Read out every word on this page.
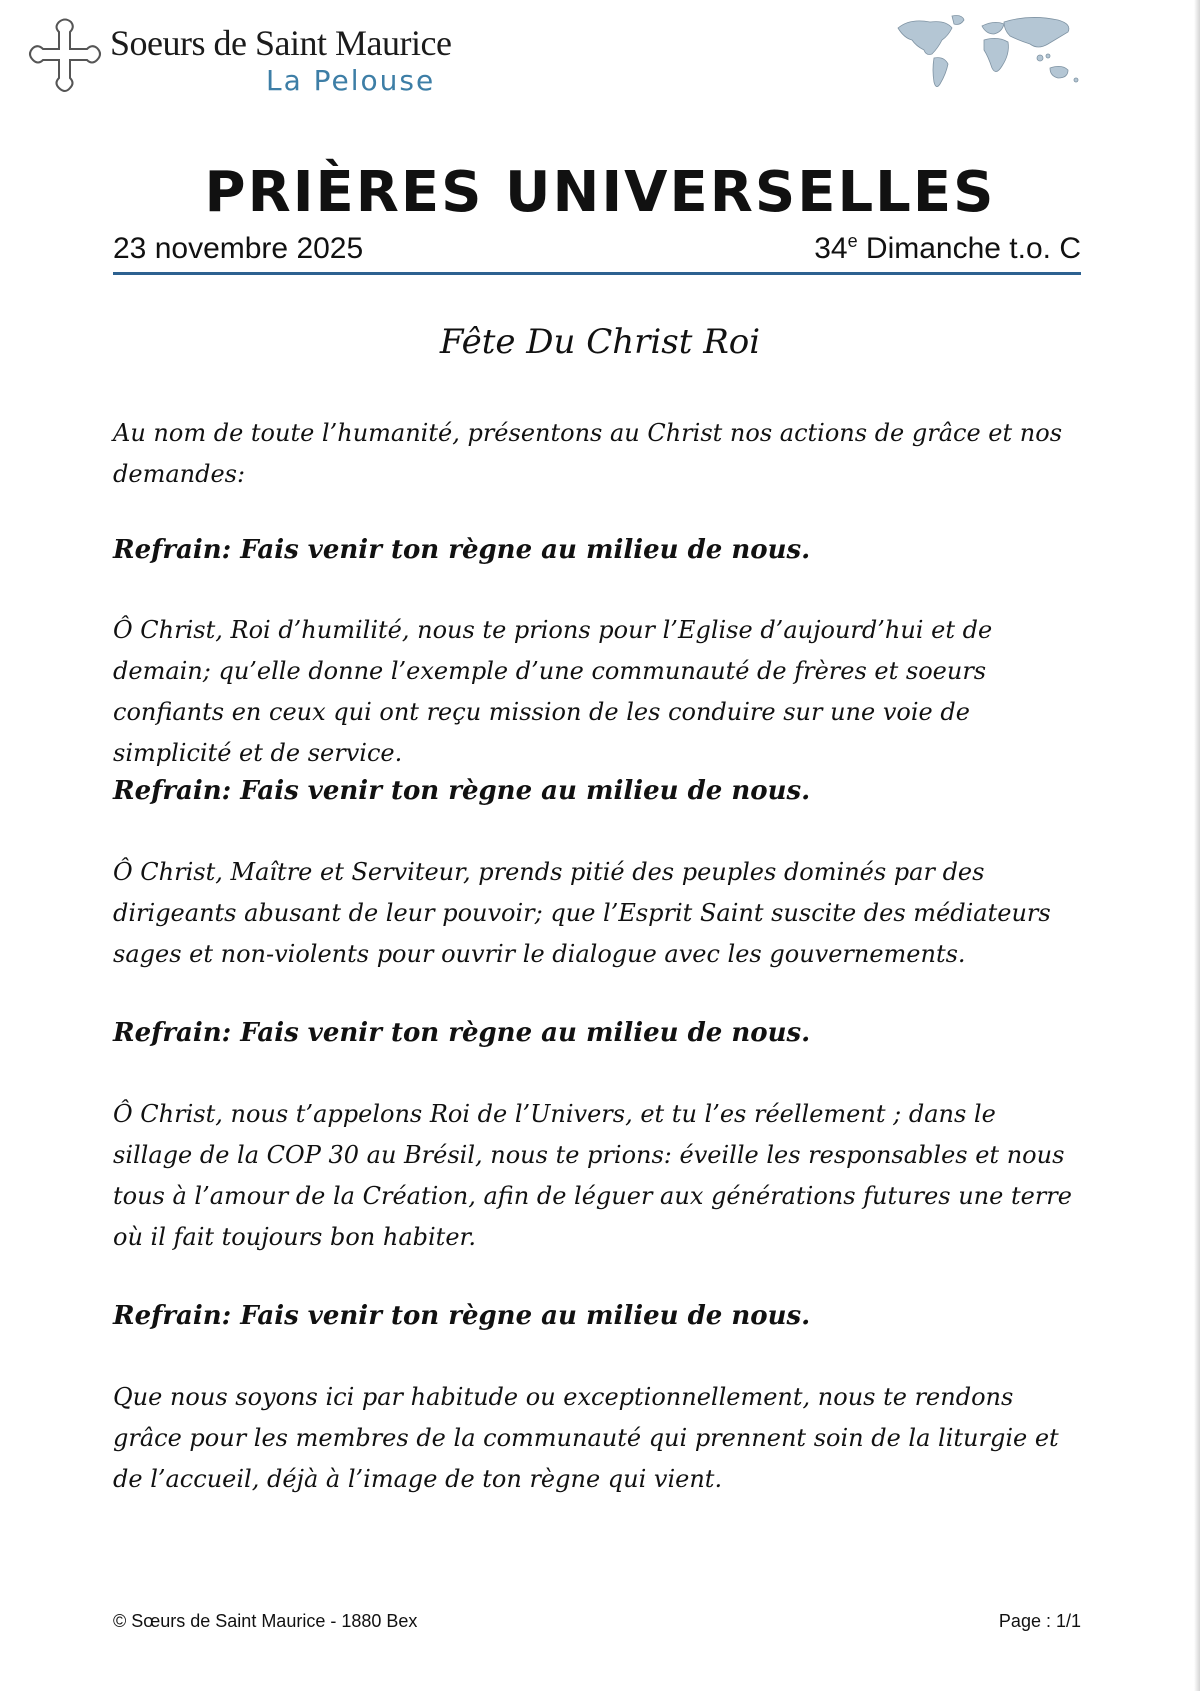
Soeurs de Saint Maurice
La Pelouse
PRIÈRES UNIVERSELLES
23 novembre 2025	34e Dimanche t.o. C
Fête Du Christ Roi

Au nom de toute l’humanité, présentons au Christ nos actions de grâce et nos demandes:

Refrain: Fais venir ton règne au milieu de nous.

Ô Christ, Roi d’humilité, nous te prions pour l’Eglise d’aujourd’hui et de demain; qu’elle donne l’exemple d’une communauté de frères et soeurs confiants en ceux qui ont reçu mission de les conduire sur une voie de simplicité et de service.

Refrain: Fais venir ton règne au milieu de nous.

Ô Christ, Maître et Serviteur, prends pitié des peuples dominés par des dirigeants abusant de leur pouvoir; que l’Esprit Saint suscite des médiateurs sages et non-violents pour ouvrir le dialogue avec les gouvernements.

Refrain: Fais venir ton règne au milieu de nous.

Ô Christ, nous t’appelons Roi de l’Univers, et tu l’es réellement ; dans le sillage de la COP 30 au Brésil, nous te prions: éveille les responsables et nous tous à l’amour de la Création, afin de léguer aux générations futures une terre où il fait toujours bon habiter.

Refrain: Fais venir ton règne au milieu de nous.

Que nous soyons ici par habitude ou exceptionnellement, nous te rendons grâce pour les membres de la communauté qui prennent soin de la liturgie et de l’accueil, déjà à l’image de ton règne qui vient.

© Sœurs de Saint Maurice - 1880 Bex	Page : 1/1
